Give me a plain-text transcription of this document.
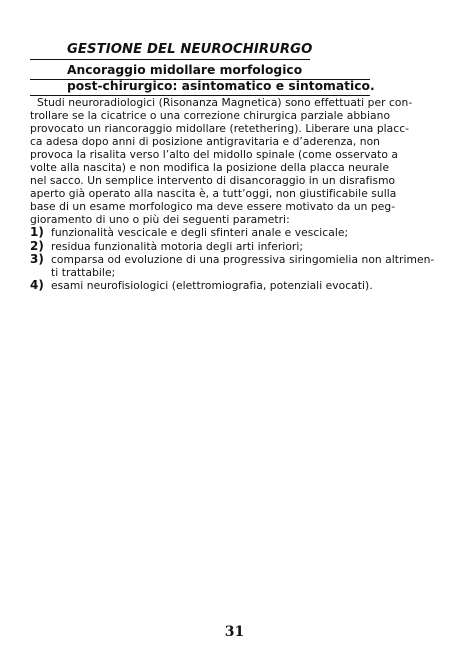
GESTIONE DEL NEUROCHIRURGO
Ancoraggio midollare morfologico
post-chirurgico: asintomatico e sintomatico.
Studi neuroradiologici (Risonanza Magnetica) sono effettuati per con-
trollare se la cicatrice o una correzione chirurgica parziale abbiano
provocato un riancoraggio midollare (retethering). Liberare una placc-
ca adesa dopo anni di posizione antigravitaria e d’aderenza, non
provoca la risalita verso l’alto del midollo spinale (come osservato a
volte alla nascita) e non modifica la posizione della placca neurale
nel sacco. Un semplice intervento di disancoraggio in un disrafismo
aperto già operato alla nascita è, a tutt’oggi, non giustificabile sulla
base di un esame morfologico ma deve essere motivato da un peg-
gioramento di uno o più dei seguenti parametri:
1) funzionalità vescicale e degli sfinteri anale e vescicale;
2) residua funzionalità motoria degli arti inferiori;
3) comparsa od evoluzione di una progressiva siringomielia non altrimen-
ti trattabile;
4) esami neurofisiologici (elettromiografia, potenziali evocati).
31
